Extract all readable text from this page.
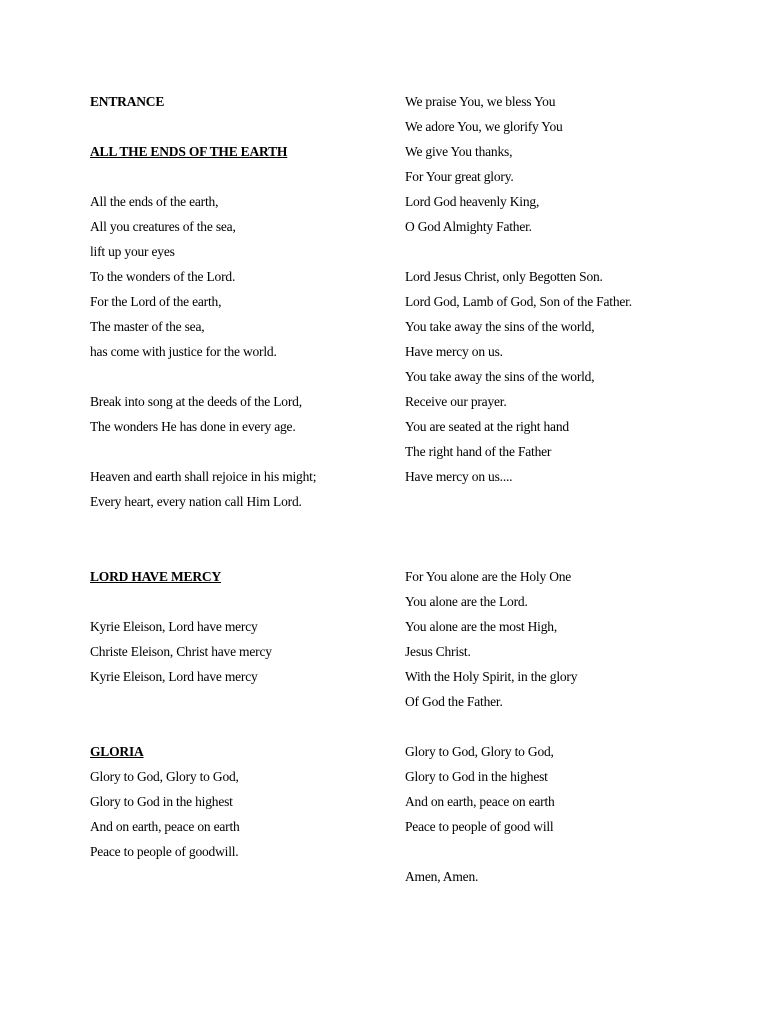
ENTRANCE
ALL THE ENDS OF THE EARTH
All the ends of the earth,
All you creatures of the sea,
lift up your eyes
To the wonders of the Lord.
For the Lord of the earth,
The master of the sea,
has come with justice for the world.
Break into song at the deeds of the Lord,
The wonders He has done in every age.
Heaven and earth shall rejoice in his might;
Every heart, every nation call Him Lord.
LORD HAVE MERCY
Kyrie Eleison, Lord have mercy
Christe Eleison, Christ have mercy
Kyrie Eleison, Lord have mercy
GLORIA
Glory to God, Glory to God,
Glory to God in the highest
And on earth, peace on earth
Peace to people of goodwill.
We praise You, we bless You
We adore You, we glorify You
We give You thanks,
For Your great glory.
Lord God heavenly King,
O God Almighty Father.
Lord Jesus Christ, only Begotten Son.
Lord God, Lamb of God, Son of the Father.
You take away the sins of the world,
Have mercy on us.
You take away the sins of the world,
Receive our prayer.
You are seated at the right hand
The right hand of the Father
Have mercy on us....
For You alone are the Holy One
You alone are the Lord.
You alone are the most High,
Jesus Christ.
With the Holy Spirit, in the glory
Of God the Father.
Glory to God, Glory to God,
Glory to God in the highest
And on earth, peace on earth
Peace to people of good will
Amen, Amen.
